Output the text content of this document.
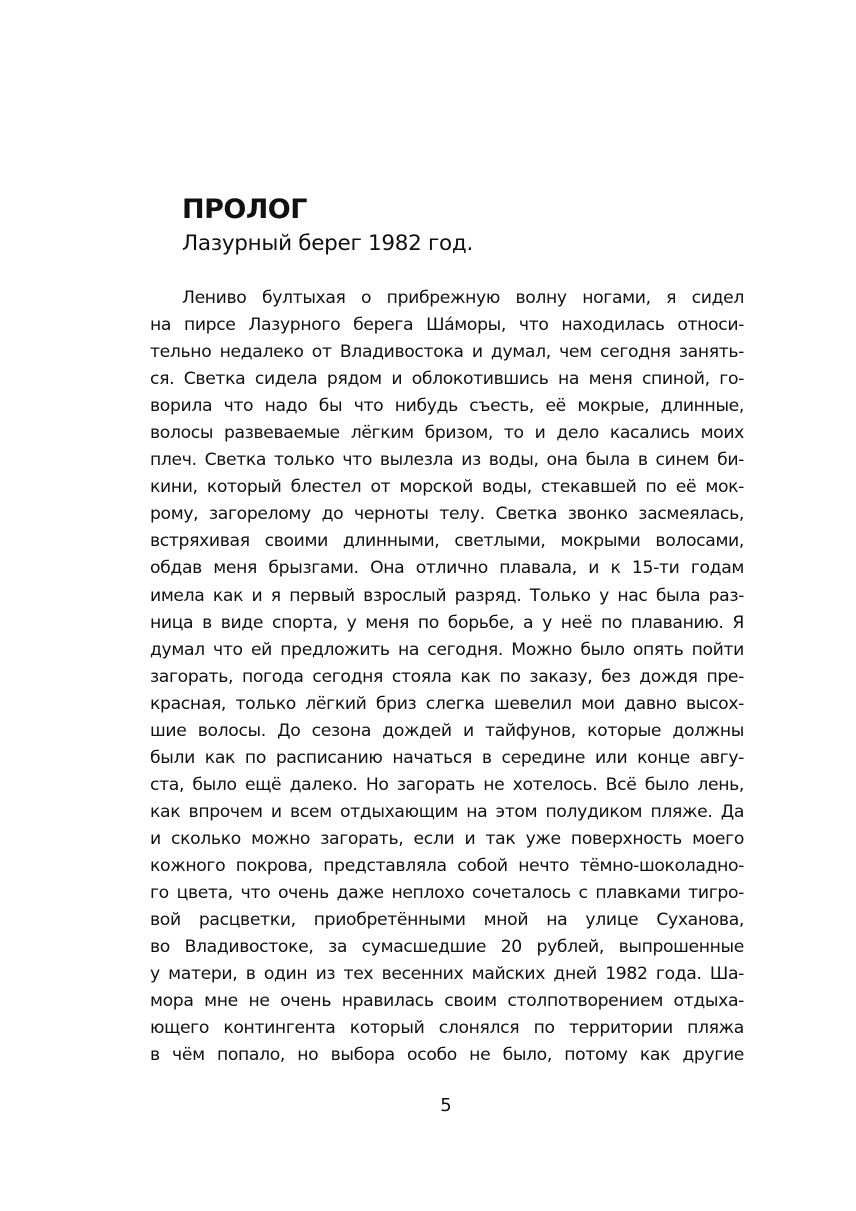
ПРОЛОГ
Лазурный берег 1982 год.
Лениво бултыхая о прибрежную волну ногами, я сидел
на пирсе Лазурного берега Ша́моры, что находилась относи-
тельно недалеко от Владивостока и думал, чем сегодня занять-
ся. Светка сидела рядом и облокотившись на меня спиной, го-
ворила что надо бы что нибудь съесть, её мокрые, длинные,
волосы развеваемые лёгким бризом, то и дело касались моих
плеч. Светка только что вылезла из воды, она была в синем би-
кини, который блестел от морской воды, стекавшей по её мок-
рому, загорелому до черноты телу. Светка звонко засмеялась,
встряхивая своими длинными, светлыми, мокрыми волосами,
обдав меня брызгами. Она отлично плавала, и к 15-ти годам
имела как и я первый взрослый разряд. Только у нас была раз-
ница в виде спорта, у меня по борьбе, а у неё по плаванию. Я
думал что ей предложить на сегодня. Можно было опять пойти
загорать, погода сегодня стояла как по заказу, без дождя пре-
красная, только лёгкий бриз слегка шевелил мои давно высох-
шие волосы. До сезона дождей и тайфунов, которые должны
были как по расписанию начаться в середине или конце авгу-
ста, было ещё далеко. Но загорать не хотелось. Всё было лень,
как впрочем и всем отдыхающим на этом полудиком пляже. Да
и сколько можно загорать, если и так уже поверхность моего
кожного покрова, представляла собой нечто тёмно-шоколадно-
го цвета, что очень даже неплохо сочеталось с плавками тигро-
вой расцветки, приобретёнными мной на улице Суханова,
во Владивостоке, за сумасшедшие 20 рублей, выпрошенные
у матери, в один из тех весенних майских дней 1982 года. Ша-
мора мне не очень нравилась своим столпотворением отдыха-
ющего контингента который слонялся по территории пляжа
в чём попало, но выбора особо не было, потому как другие
5
